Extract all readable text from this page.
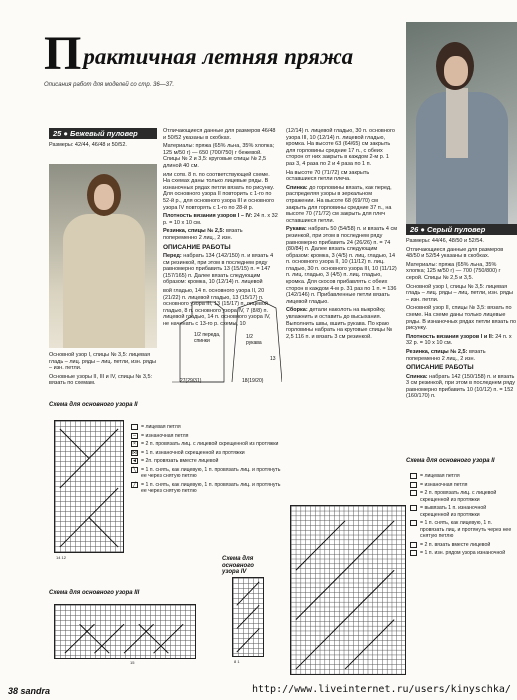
Практичная летняя пряжа
Описания работ для моделей со стр. 36—37.
25 ● Бежевый пуловер

Размеры: 42/44, 46/48 и 50/52.

Основной узор I, спицы № 3,5: лицевая гладь – лиц. ряды – лиц. петли, изн. ряды – изн. петли.

Основные узоры II, III и IV, спицы № 3,5: вязать по схемам.

Отличающиеся данные для размеров 46/48 и 50/52 указаны в скобках.

Материалы: пряжа (65% льна, 35% хлопка; 125 м/50 г) — 650 (700/750) г бежевой. Спицы № 2 и 3,5: круговые спицы № 2,5 длиной 40 см.

или сотв. 8 п. по соответствующей схеме. На схемах даны только лицевые ряды. В изнаночных рядах петли вязать по рисунку. Для основного узора II повторить с 1-го по 52-й р., для основного узора III и основного узора IV повторять с 1-го по 28-й р.

Плотность вязания узоров I – IV: 24 п. х 32 р. = 10 х 10 см.

Резинка, спицы № 2,5: вязать попеременно 2 лиц., 2 изн.

ОПИСАНИЕ РАБОТЫ

Перед: набрать 134 (142/150) п. и вязать 4 см резинкой, при этом в последнем ряду равномерно прибавить 13 (15/15) п. = 147 (157/165) п. Далее вязать следующим образом: кромка, 10 (12/14) п. лицевой

вой гладью, 14 п. основного узора II, 20 (21/22) п. лицевой гладью, 13 (15/17) п. основного узора III, 13 (15/17) п. лицевой гладью, 8 п. основного узора IV, 7 (8/8) п. лицевой гладью, 14 п. основного узора IV, не начинать с 13-го р. схемы, 10

1/2 переда, спинки
1/2 рукава
27(29/31)
13
18(19/20)

(12/14) п. лицевой гладью, 30 п. основного узора III, 10 (12/14) п. лицевой гладью, кромка. На высоте 63 (64/65) см закрыть для горловины средние 17 п., с обеих сторон от них закрыть в каждом 2-м р. 1 раз 3, 4 раза по 2 и 4 раза по 1 п.

На высоте 70 (71/72) см закрыть оставшиеся петли плеча.

Спинка: до горловины вязать, как перед, распределяя узоры в зеркальном отражении. На высоте 68 (69/70) см закрыть для горловины средние 37 п., на высоте 70 (71/72) см закрыть для плеч оставшиеся петли.

Рукава: набрать 50 (54/58) п. и вязать 4 см резинкой, при этом в последнем ряду равномерно прибавить 24 (26/26) п. = 74 (80/84) п. Далее вязать следующим образом: кромка, 3 (4/5) п. лиц. гладью, 14 п. основного узора II, 10 (11/12) п. лиц. гладью, 30 п. основного узора III, 10 (11/12) п. лиц. гладью, 3 (4/5) п. лиц. гладью, кромка. Для скосов прибавлять с обеих сторон в каждом 4-м р. 31 раз по 1 п. = 136 (142/146) п. Прибавленные петли вязать лицевой гладью.

Сборка: детали наколоть на выкройку, увлажнить и оставить до высыхания. Выполнить швы, вшить рукава. По краю горловины набрать на круговые спицы № 2,5 116 п. и вязать 3 см резинкой.

26 ● Серый пуловер

Размеры: 44/46, 48/50 и 52/54.

Отличающиеся данные для размеров 48/50 и 52/54 указаны в скобках.

Материалы: пряжа (65% льна, 35% хлопка; 125 м/50 г) — 700 (750/800) г серой. Спицы № 2,5 и 3,5.

Основной узор I, спицы № 3,5: лицевая гладь – лиц. ряды – лиц. петли, изн. ряды – изн. петли.

Основной узор II, спицы № 3,5: вязать по схеме. На схеме даны только лицевые ряды. В изнаночных рядах петли вязать по рисунку.

Плотность вязания узоров I и II: 24 п. х 32 р. = 10 х 10 см.

Резинка, спицы № 2,5: вязать попеременно 2 лиц., 2 изн.

ОПИСАНИЕ РАБОТЫ

Спинка: набрать 142 (150/158) п. и вязать 3 см резинкой, при этом в последнем ряду равномерно прибавить 10 (10/12) п. = 152 (160/170) п.

Схема для основного узора II
14 12
= лицевая петля
– = изнаночная петля
× = 2 п. провязать лиц. с лицевой скрещенной из протяжки
⋈ = 1 п. изнаночной скрещенной из протяжки
◄ = 2п. провязать вместе лицевой
╲ = 1 п. снять, как лицевую, 1 п. провязать лиц. и протянуть ее через снятую петлю
╱ = 1 п. снять, как лицевую, 1 п. провязать лиц. и протянуть ее через снятую петлю
Схема для основного узора III
15
Схема для основного узора IV
8 1
Схема для основного узора II
= лицевая петля
= изнаночная петля
= 2 п. провязать лиц. с лицевой скрещенной из протяжки
= вывязать 1 п. изнаночной скрещенной из протяжки
= 1 п. снять, как лицевую, 1 п. провязать лиц. и протянуть через нее снятую петлю
= 2 п. вязать вместе лицевой
= 1 п. изн. рядом узора изнаночной
38 sandra	http://www.liveinternet.ru/users/kinyschka/
